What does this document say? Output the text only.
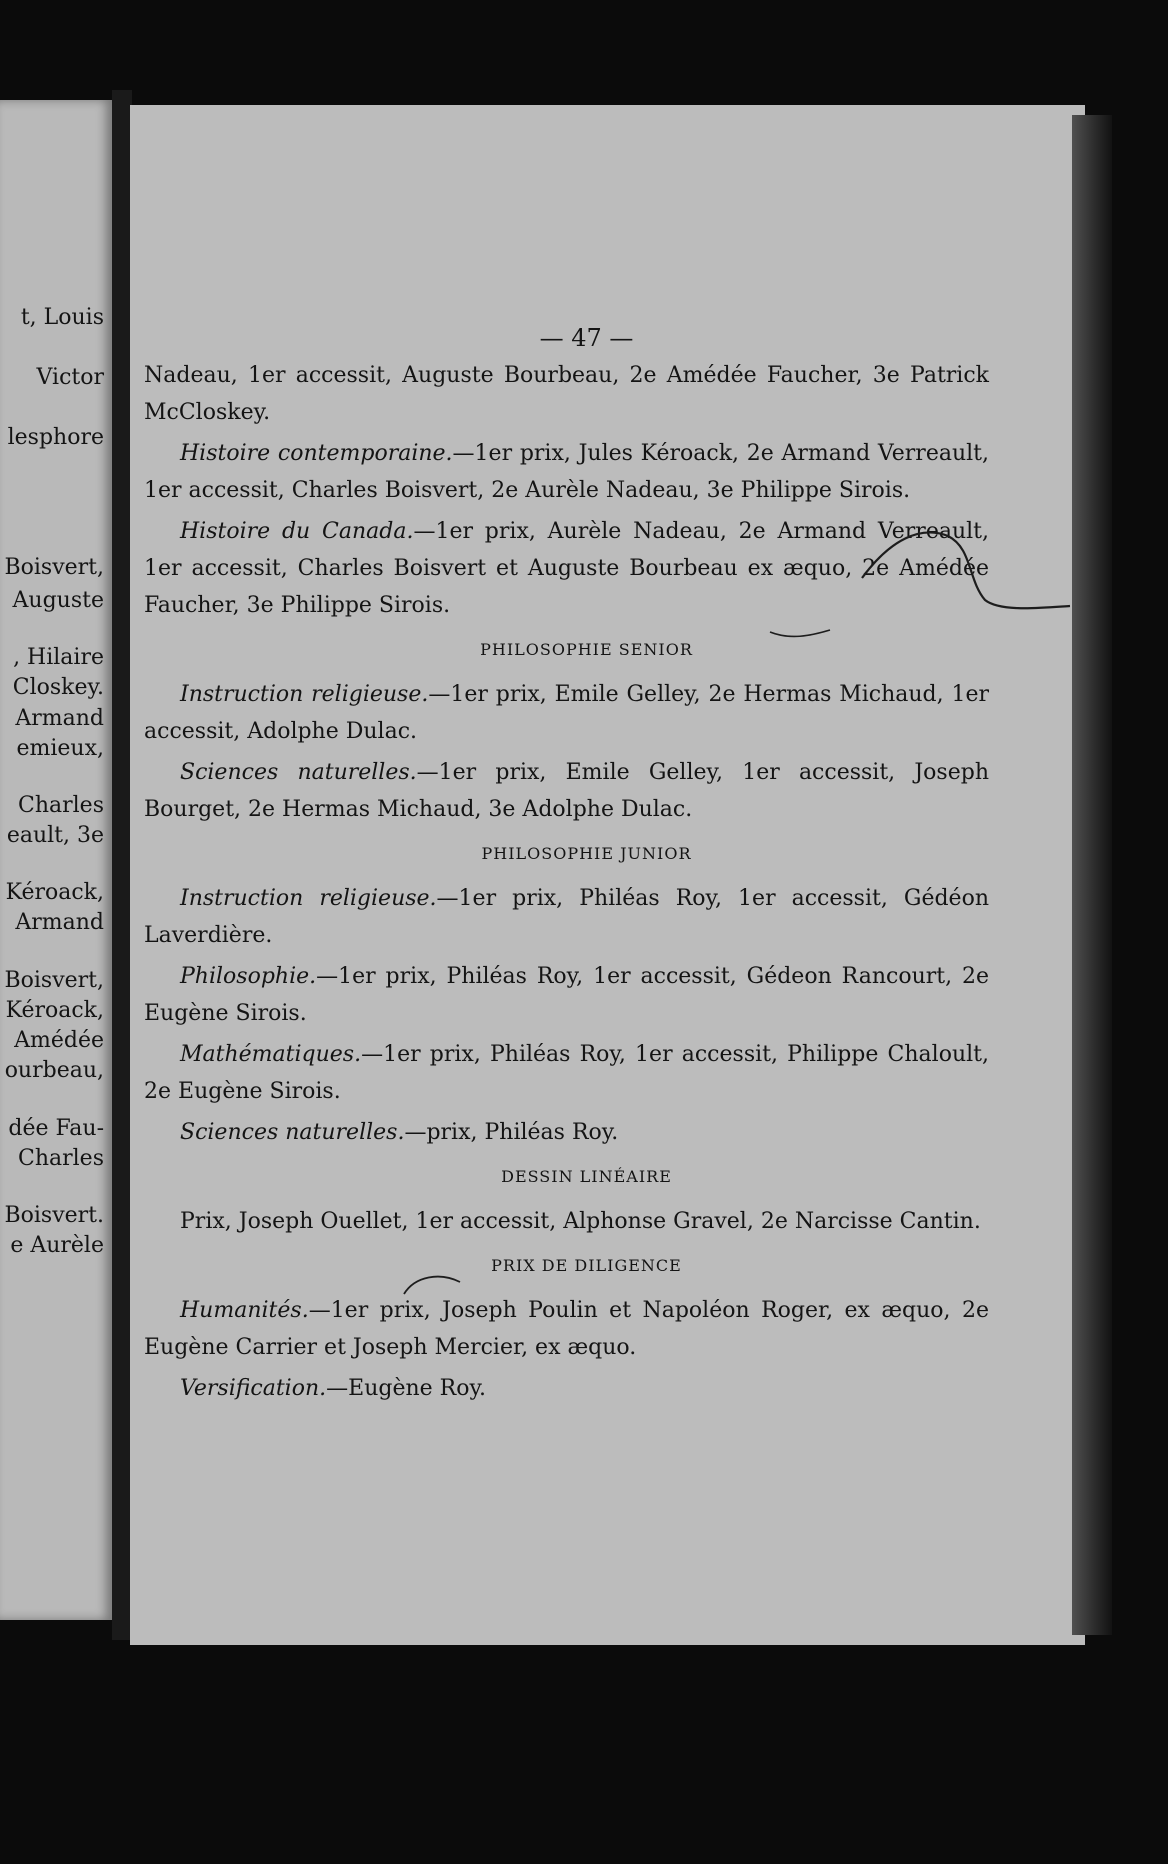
t, Louis
Victor
lesphore
Boisvert,
Auguste
, Hilaire
Closkey.
Armand
emieux,
Charles
eault, 3e
Kéroack,
Armand
Boisvert,
Kéroack,
Amédée
ourbeau,
dée Fau-
Charles
Boisvert.
e Aurèle
— 47 —

Nadeau, 1er accessit, Auguste Bourbeau, 2e Amédée Faucher, 3e Patrick McCloskey.

Histoire contemporaine.—1er prix, Jules Kéroack, 2e Armand Verreault, 1er accessit, Charles Boisvert, 2e Aurèle Nadeau, 3e Philippe Sirois.

Histoire du Canada.—1er prix, Aurèle Nadeau, 2e Armand Verreault, 1er accessit, Charles Boisvert et Auguste Bourbeau ex æquo, 2e Amédée Faucher, 3e Philippe Sirois.

PHILOSOPHIE SENIOR

Instruction religieuse.—1er prix, Emile Gelley, 2e Hermas Michaud, 1er accessit, Adolphe Dulac.

Sciences naturelles.—1er prix, Emile Gelley, 1er accessit, Joseph Bourget, 2e Hermas Michaud, 3e Adolphe Dulac.

PHILOSOPHIE JUNIOR

Instruction religieuse.—1er prix, Philéas Roy, 1er accessit, Gédéon Laverdière.

Philosophie.—1er prix, Philéas Roy, 1er accessit, Gédeon Rancourt, 2e Eugène Sirois.

Mathématiques.—1er prix, Philéas Roy, 1er accessit, Philippe Chaloult, 2e Eugène Sirois.

Sciences naturelles.—prix, Philéas Roy.

DESSIN LINÉAIRE

Prix, Joseph Ouellet, 1er accessit, Alphonse Gravel, 2e Narcisse Cantin.

PRIX DE DILIGENCE

Humanités.—1er prix, Joseph Poulin et Napoléon Roger, ex æquo, 2e Eugène Carrier et Joseph Mercier, ex æquo.

Versification.—Eugène Roy.
